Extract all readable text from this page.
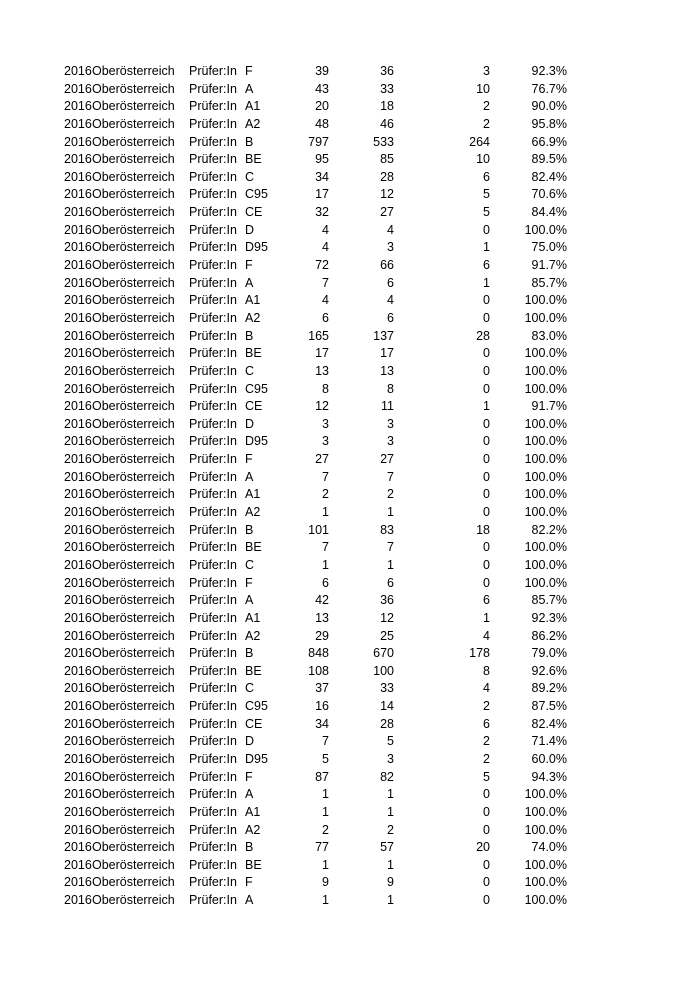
2016 Oberösterreich Prüfer:In F	39	36	3	92.3%
2016 Oberösterreich Prüfer:In A	43	33	10	76.7%
2016 Oberösterreich Prüfer:In A1	20	18	2	90.0%
2016 Oberösterreich Prüfer:In A2	48	46	2	95.8%
2016 Oberösterreich Prüfer:In B	797	533	264	66.9%
2016 Oberösterreich Prüfer:In BE	95	85	10	89.5%
2016 Oberösterreich Prüfer:In C	34	28	6	82.4%
2016 Oberösterreich Prüfer:In C95	17	12	5	70.6%
2016 Oberösterreich Prüfer:In CE	32	27	5	84.4%
2016 Oberösterreich Prüfer:In D	4	4	0	100.0%
2016 Oberösterreich Prüfer:In D95	4	3	1	75.0%
2016 Oberösterreich Prüfer:In F	72	66	6	91.7%
2016 Oberösterreich Prüfer:In A	7	6	1	85.7%
2016 Oberösterreich Prüfer:In A1	4	4	0	100.0%
2016 Oberösterreich Prüfer:In A2	6	6	0	100.0%
2016 Oberösterreich Prüfer:In B	165	137	28	83.0%
2016 Oberösterreich Prüfer:In BE	17	17	0	100.0%
2016 Oberösterreich Prüfer:In C	13	13	0	100.0%
2016 Oberösterreich Prüfer:In C95	8	8	0	100.0%
2016 Oberösterreich Prüfer:In CE	12	11	1	91.7%
2016 Oberösterreich Prüfer:In D	3	3	0	100.0%
2016 Oberösterreich Prüfer:In D95	3	3	0	100.0%
2016 Oberösterreich Prüfer:In F	27	27	0	100.0%
2016 Oberösterreich Prüfer:In A	7	7	0	100.0%
2016 Oberösterreich Prüfer:In A1	2	2	0	100.0%
2016 Oberösterreich Prüfer:In A2	1	1	0	100.0%
2016 Oberösterreich Prüfer:In B	101	83	18	82.2%
2016 Oberösterreich Prüfer:In BE	7	7	0	100.0%
2016 Oberösterreich Prüfer:In C	1	1	0	100.0%
2016 Oberösterreich Prüfer:In F	6	6	0	100.0%
2016 Oberösterreich Prüfer:In A	42	36	6	85.7%
2016 Oberösterreich Prüfer:In A1	13	12	1	92.3%
2016 Oberösterreich Prüfer:In A2	29	25	4	86.2%
2016 Oberösterreich Prüfer:In B	848	670	178	79.0%
2016 Oberösterreich Prüfer:In BE	108	100	8	92.6%
2016 Oberösterreich Prüfer:In C	37	33	4	89.2%
2016 Oberösterreich Prüfer:In C95	16	14	2	87.5%
2016 Oberösterreich Prüfer:In CE	34	28	6	82.4%
2016 Oberösterreich Prüfer:In D	7	5	2	71.4%
2016 Oberösterreich Prüfer:In D95	5	3	2	60.0%
2016 Oberösterreich Prüfer:In F	87	82	5	94.3%
2016 Oberösterreich Prüfer:In A	1	1	0	100.0%
2016 Oberösterreich Prüfer:In A1	1	1	0	100.0%
2016 Oberösterreich Prüfer:In A2	2	2	0	100.0%
2016 Oberösterreich Prüfer:In B	77	57	20	74.0%
2016 Oberösterreich Prüfer:In BE	1	1	0	100.0%
2016 Oberösterreich Prüfer:In F	9	9	0	100.0%
2016 Oberösterreich Prüfer:In A	1	1	0	100.0%
